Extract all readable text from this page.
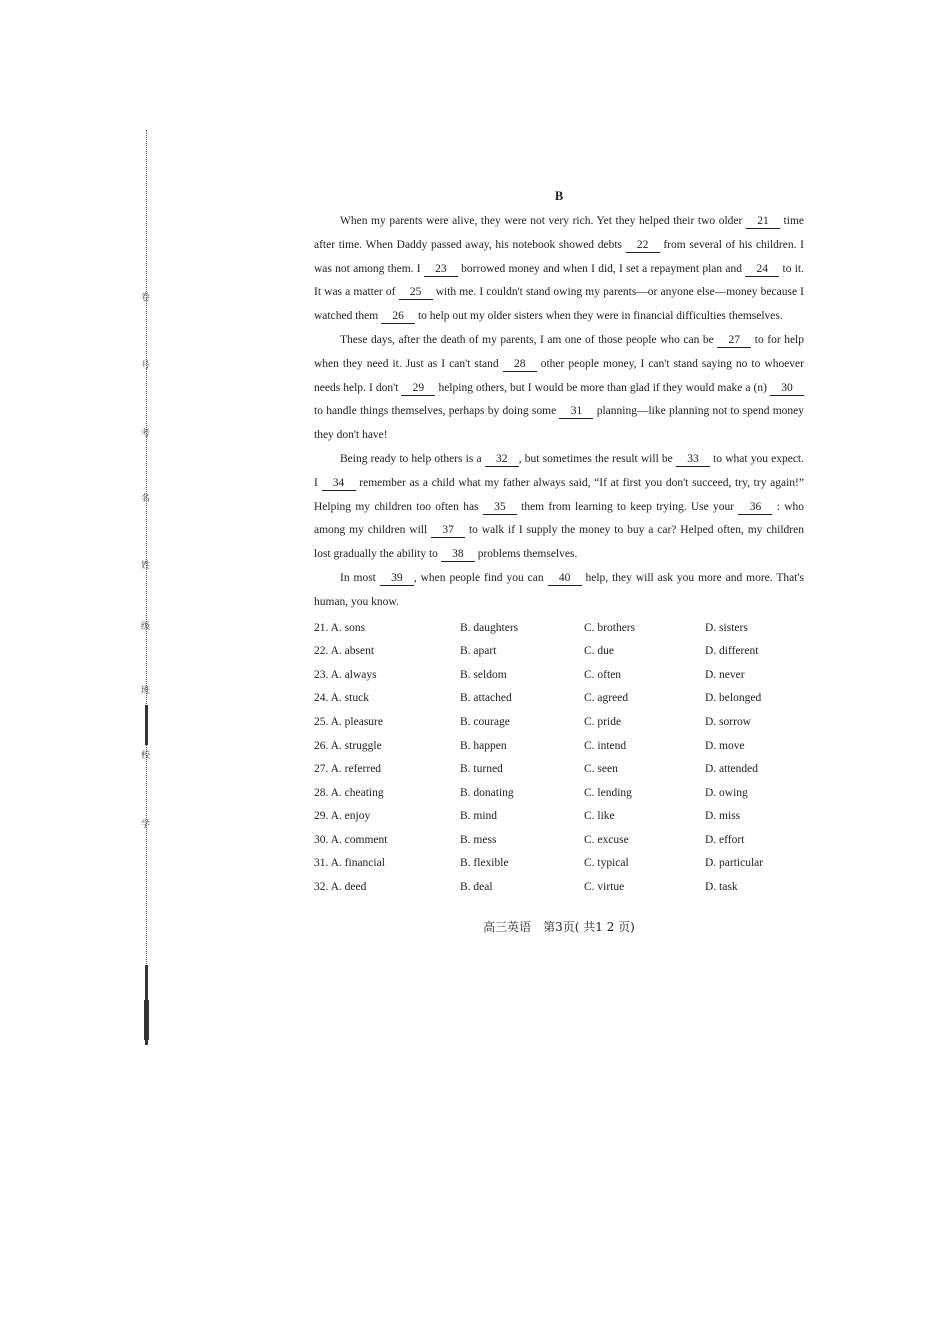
卷
号
考
名
姓
级
班
校
学
B

When my parents were alive, they were not very rich. Yet they helped their two older 21 time after time. When Daddy passed away, his notebook showed debts 22 from several of his children. I was not among them. I 23 borrowed money and when I did, I set a repayment plan and 24 to it. It was a matter of 25 with me. I couldn't stand owing my parents—or anyone else—money because I watched them 26 to help out my older sisters when they were in financial difficulties themselves.

These days, after the death of my parents, I am one of those people who can be 27 to for help when they need it. Just as I can't stand 28 other people money, I can't stand saying no to whoever needs help. I don't 29 helping others, but I would be more than glad if they would make a (n) 30 to handle things themselves, perhaps by doing some 31 planning—like planning not to spend money they don't have!

Being ready to help others is a 32 , but sometimes the result will be 33 to what you expect. I 34 remember as a child what my father always said, “If at first you don't succeed, try, try again!” Helping my children too often has 35 them from learning to keep trying. Use your 36 : who among my children will 37 to walk if I supply the money to buy a car? Helped often, my children lost gradually the ability to 38 problems themselves.

In most 39 , when people find you can 40 help, they will ask you more and more. That's human, you know.

21. A. sons	B. daughters	C. brothers	D. sisters
22. A. absent	B. apart	C. due	D. different
23. A. always	B. seldom	C. often	D. never
24. A. stuck	B. attached	C. agreed	D. belonged
25. A. pleasure	B. courage	C. pride	D. sorrow
26. A. struggle	B. happen	C. intend	D. move
27. A. referred	B. turned	C. seen	D. attended
28. A. cheating	B. donating	C. lending	D. owing
29. A. enjoy	B. mind	C. like	D. miss
30. A. comment	B. mess	C. excuse	D. effort
31. A. financial	B. flexible	C. typical	D. particular
32. A. deed	B. deal	C. virtue	D. task
高三英语　第3页( 共1 2 页)
